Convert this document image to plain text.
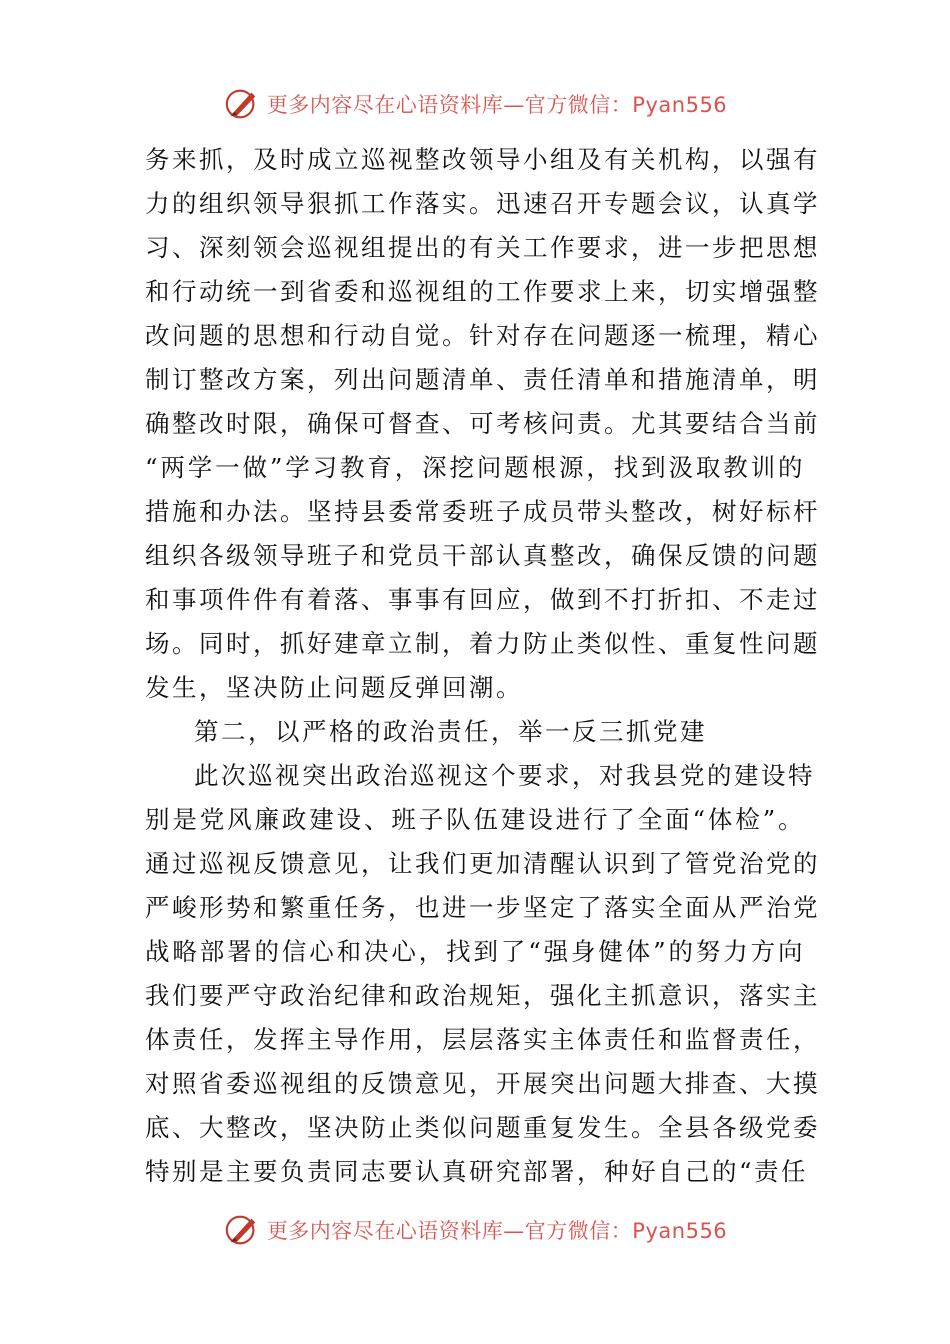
更多内容尽在心语资料库—官方微信：Pyan556

务来抓，及时成立巡视整改领导小组及有关机构，以强有
力的组织领导狠抓工作落实。迅速召开专题会议，认真学
习、深刻领会巡视组提出的有关工作要求，进一步把思想
和行动统一到省委和巡视组的工作要求上来，切实增强整
改问题的思想和行动自觉。针对存在问题逐一梳理，精心
制订整改方案，列出问题清单、责任清单和措施清单，明
确整改时限，确保可督查、可考核问责。尤其要结合当前
“两学一做”学习教育，深挖问题根源，找到汲取教训的
措施和办法。坚持县委常委班子成员带头整改，树好标杆
组织各级领导班子和党员干部认真整改，确保反馈的问题
和事项件件有着落、事事有回应，做到不打折扣、不走过
场。同时，抓好建章立制，着力防止类似性、重复性问题
发生，坚决防止问题反弹回潮。

第二，以严格的政治责任，举一反三抓党建

此次巡视突出政治巡视这个要求，对我县党的建设特
别是党风廉政建设、班子队伍建设进行了全面“体检”。
通过巡视反馈意见，让我们更加清醒认识到了管党治党的
严峻形势和繁重任务，也进一步坚定了落实全面从严治党
战略部署的信心和决心，找到了“强身健体”的努力方向
我们要严守政治纪律和政治规矩，强化主抓意识，落实主
体责任，发挥主导作用，层层落实主体责任和监督责任，
对照省委巡视组的反馈意见，开展突出问题大排查、大摸
底、大整改，坚决防止类似问题重复发生。全县各级党委
特别是主要负责同志要认真研究部署，种好自己的“责任

更多内容尽在心语资料库—官方微信：Pyan556
